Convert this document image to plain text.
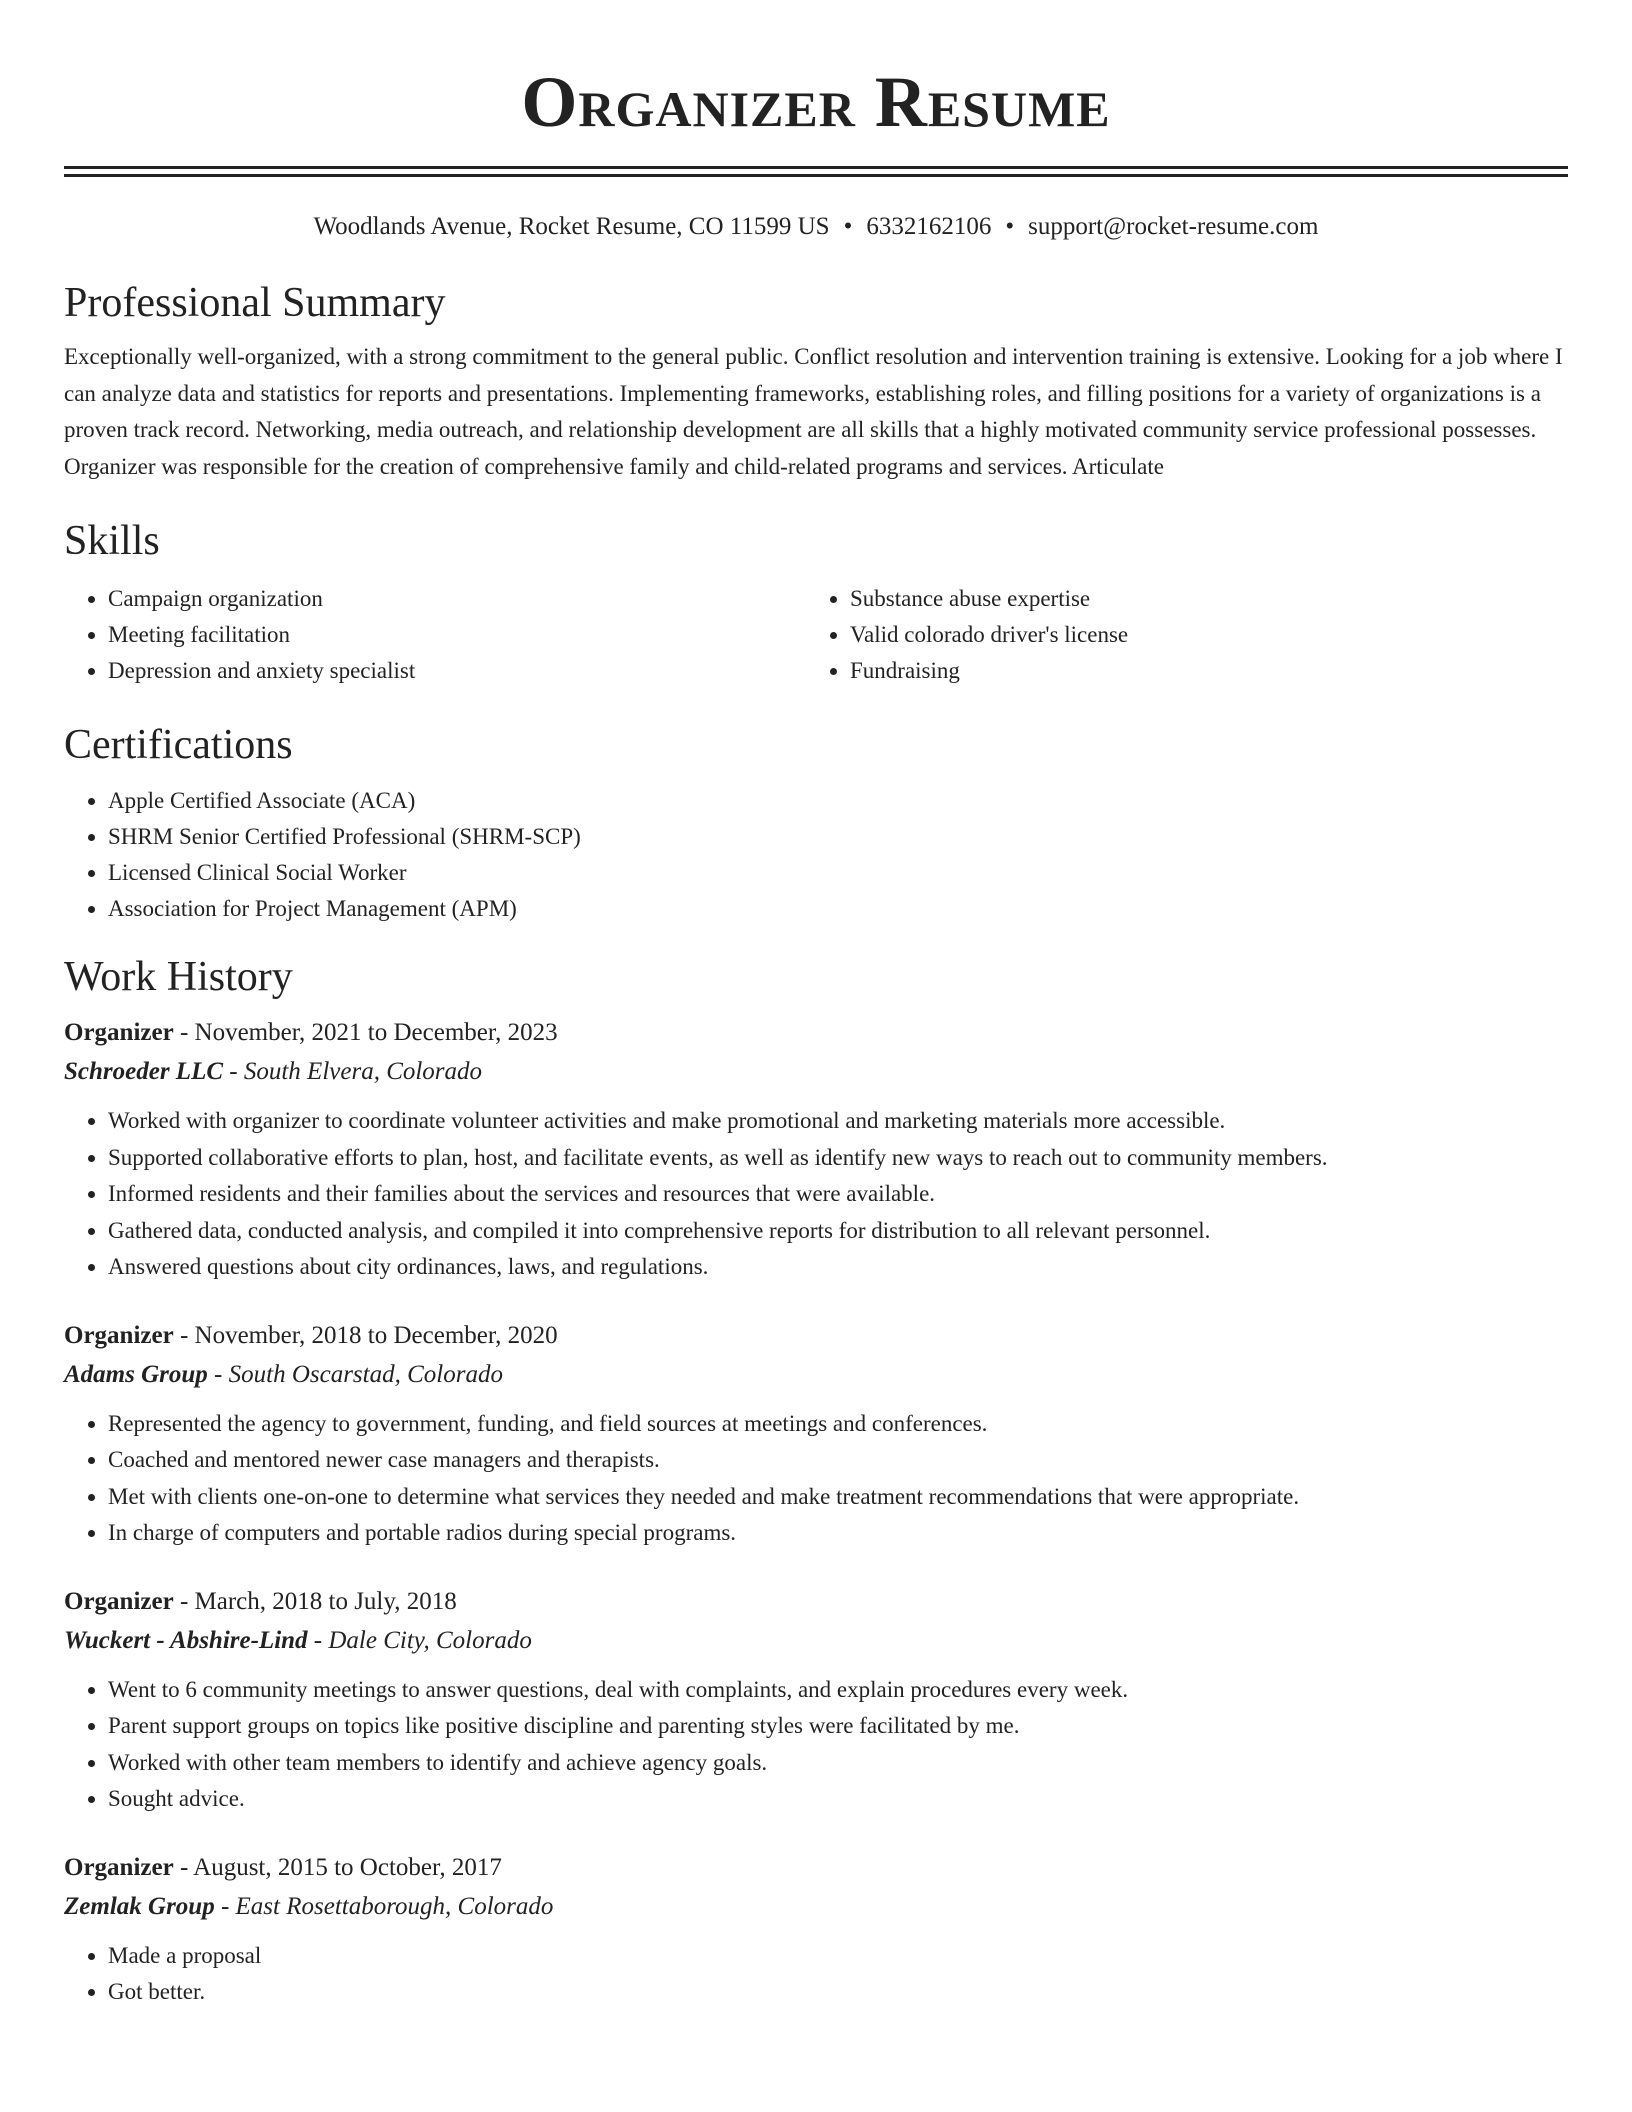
Organizer Resume
Woodlands Avenue, Rocket Resume, CO 11599 US • 6332162106 • support@rocket-resume.com
Professional Summary

Exceptionally well-organized, with a strong commitment to the general public. Conflict resolution and intervention training is extensive. Looking for a job where I can analyze data and statistics for reports and presentations. Implementing frameworks, establishing roles, and filling positions for a variety of organizations is a proven track record. Networking, media outreach, and relationship development are all skills that a highly motivated community service professional possesses. Organizer was responsible for the creation of comprehensive family and child-related programs and services. Articulate

Skills
• Campaign organization
• Meeting facilitation
• Depression and anxiety specialist
• Substance abuse expertise
• Valid colorado driver's license
• Fundraising
Certifications
• Apple Certified Associate (ACA)
• SHRM Senior Certified Professional (SHRM-SCP)
• Licensed Clinical Social Worker
• Association for Project Management (APM)
Work History
Organizer - November, 2021 to December, 2023
Schroeder LLC - South Elvera, Colorado
• Worked with organizer to coordinate volunteer activities and make promotional and marketing materials more accessible.
• Supported collaborative efforts to plan, host, and facilitate events, as well as identify new ways to reach out to community members.
• Informed residents and their families about the services and resources that were available.
• Gathered data, conducted analysis, and compiled it into comprehensive reports for distribution to all relevant personnel.
• Answered questions about city ordinances, laws, and regulations.
Organizer - November, 2018 to December, 2020
Adams Group - South Oscarstad, Colorado
• Represented the agency to government, funding, and field sources at meetings and conferences.
• Coached and mentored newer case managers and therapists.
• Met with clients one-on-one to determine what services they needed and make treatment recommendations that were appropriate.
• In charge of computers and portable radios during special programs.
Organizer - March, 2018 to July, 2018
Wuckert - Abshire-Lind - Dale City, Colorado
• Went to 6 community meetings to answer questions, deal with complaints, and explain procedures every week.
• Parent support groups on topics like positive discipline and parenting styles were facilitated by me.
• Worked with other team members to identify and achieve agency goals.
• Sought advice.
Organizer - August, 2015 to October, 2017
Zemlak Group - East Rosettaborough, Colorado
• Made a proposal
• Got better.
